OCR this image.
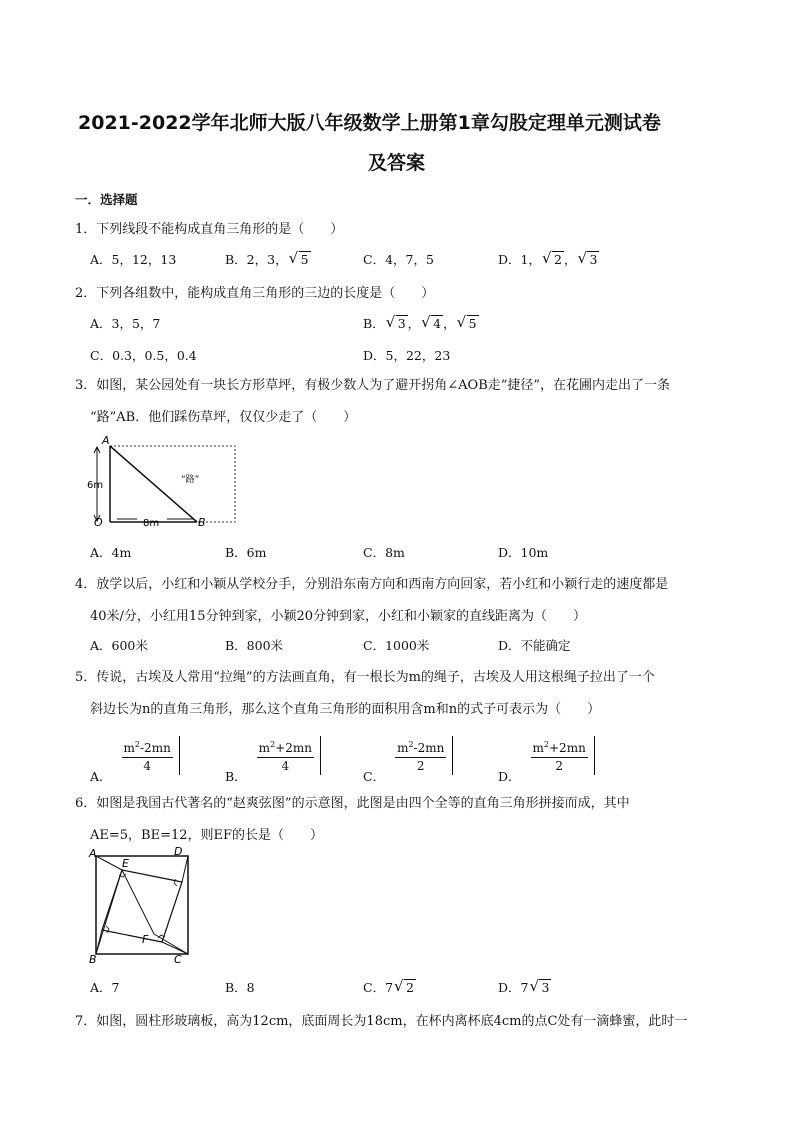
2021-2022学年北师大版八年级数学上册第1章勾股定理单元测试卷
及答案
一．选择题
1．下列线段不能构成直角三角形的是（　　）
A．5，12，13	B．2，3， √ 5	C．4，7，5	D．1， √ 2 ， √ 3
2．下列各组数中，能构成直角三角形的三边的长度是（　　）
A．3，5，7	B． √ 3 ， √ 4 ， √ 5
C．0.3，0.5，0.4	D．5，22，23
3．如图，某公园处有一块长方形草坪，有极少数人为了避开拐角∠AOB走“捷径”，在花圃内走出了一条
“路”AB．他们踩伤草坪，仅仅少走了（　　）
A
O	B
6m
8m
“路”
A．4m	B．6m	C．8m	D．10m
4．放学以后，小红和小颖从学校分手，分别沿东南方向和西南方向回家，若小红和小颖行走的速度都是
40米/分，小红用15分钟到家，小颖20分钟到家，小红和小颖家的直线距离为（　　）
A．600米	B．800米	C．1000米	D．不能确定
5．传说，古埃及人常用“拉绳”的方法画直角，有一根长为m的绳子，古埃及人用这根绳子拉出了一个
斜边长为n的直角三角形，那么这个直角三角形的面积用含m和n的式子可表示为（　　）
A．
$\frac{m^2-2mn}{4}$
B．
$\frac{m^2+2mn}{4}$
C．
$\frac{m^2-2mn}{2}$
D．
$\frac{m^2+2mn}{2}$
6．如图是我国古代著名的“赵爽弦图”的示意图，此图是由四个全等的直角三角形拼接而成，其中
AE=5，BE=12，则EF的长是（　　）
A	D
E
F
B	C
A．7	B．8	C．7 √ 2	D．7 √ 3
7．如图，圆柱形玻璃板，高为12cm，底面周长为18cm，在杯内离杯底4cm的点C处有一滴蜂蜜，此时一
